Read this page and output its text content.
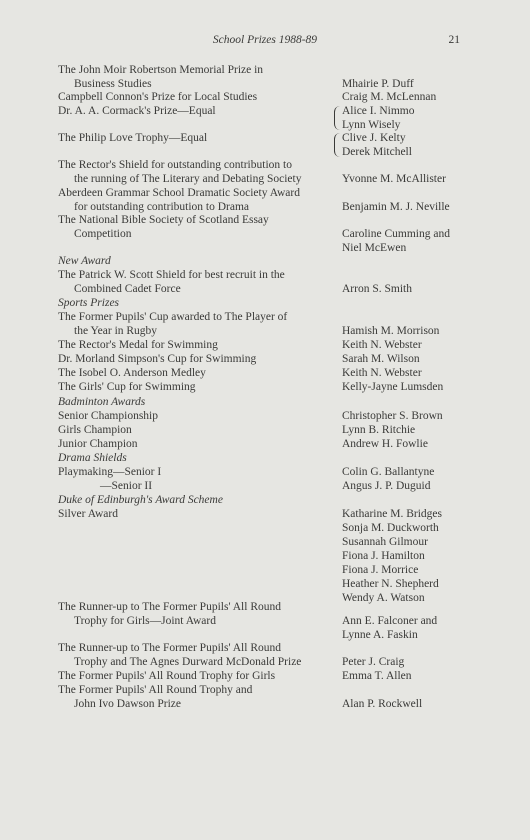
School Prizes 1988-89	21
The John Moir Robertson Memorial Prize in
Business Studies	Mhairie P. Duff
Campbell Connon's Prize for Local Studies	Craig M. McLennan
Dr. A. A. Cormack's Prize—Equal	Alice I. Nimmo
Lynn Wisely
The Philip Love Trophy—Equal	Clive J. Kelty
Derek Mitchell
The Rector's Shield for outstanding contribution to
the running of The Literary and Debating Society	Yvonne M. McAllister
Aberdeen Grammar School Dramatic Society Award
for outstanding contribution to Drama	Benjamin M. J. Neville
The National Bible Society of Scotland Essay
Competition	Caroline Cumming and
Niel McEwen
New Award
The Patrick W. Scott Shield for best recruit in the
Combined Cadet Force	Arron S. Smith
Sports Prizes
The Former Pupils' Cup awarded to The Player of
the Year in Rugby	Hamish M. Morrison
The Rector's Medal for Swimming	Keith N. Webster
Dr. Morland Simpson's Cup for Swimming	Sarah M. Wilson
The Isobel O. Anderson Medley	Keith N. Webster
The Girls' Cup for Swimming	Kelly-Jayne Lumsden
Badminton Awards
Senior Championship	Christopher S. Brown
Girls Champion	Lynn B. Ritchie
Junior Champion	Andrew H. Fowlie
Drama Shields
Playmaking—Senior I	Colin G. Ballantyne
—Senior II	Angus J. P. Duguid
Duke of Edinburgh's Award Scheme
Silver Award	Katharine M. Bridges
Sonja M. Duckworth
Susannah Gilmour
Fiona J. Hamilton
Fiona J. Morrice
Heather N. Shepherd
Wendy A. Watson
The Runner-up to The Former Pupils' All Round
Trophy for Girls—Joint Award	Ann E. Falconer and
Lynne A. Faskin
The Runner-up to The Former Pupils' All Round
Trophy and The Agnes Durward McDonald Prize	Peter J. Craig
The Former Pupils' All Round Trophy for Girls	Emma T. Allen
The Former Pupils' All Round Trophy and
John Ivo Dawson Prize	Alan P. Rockwell
